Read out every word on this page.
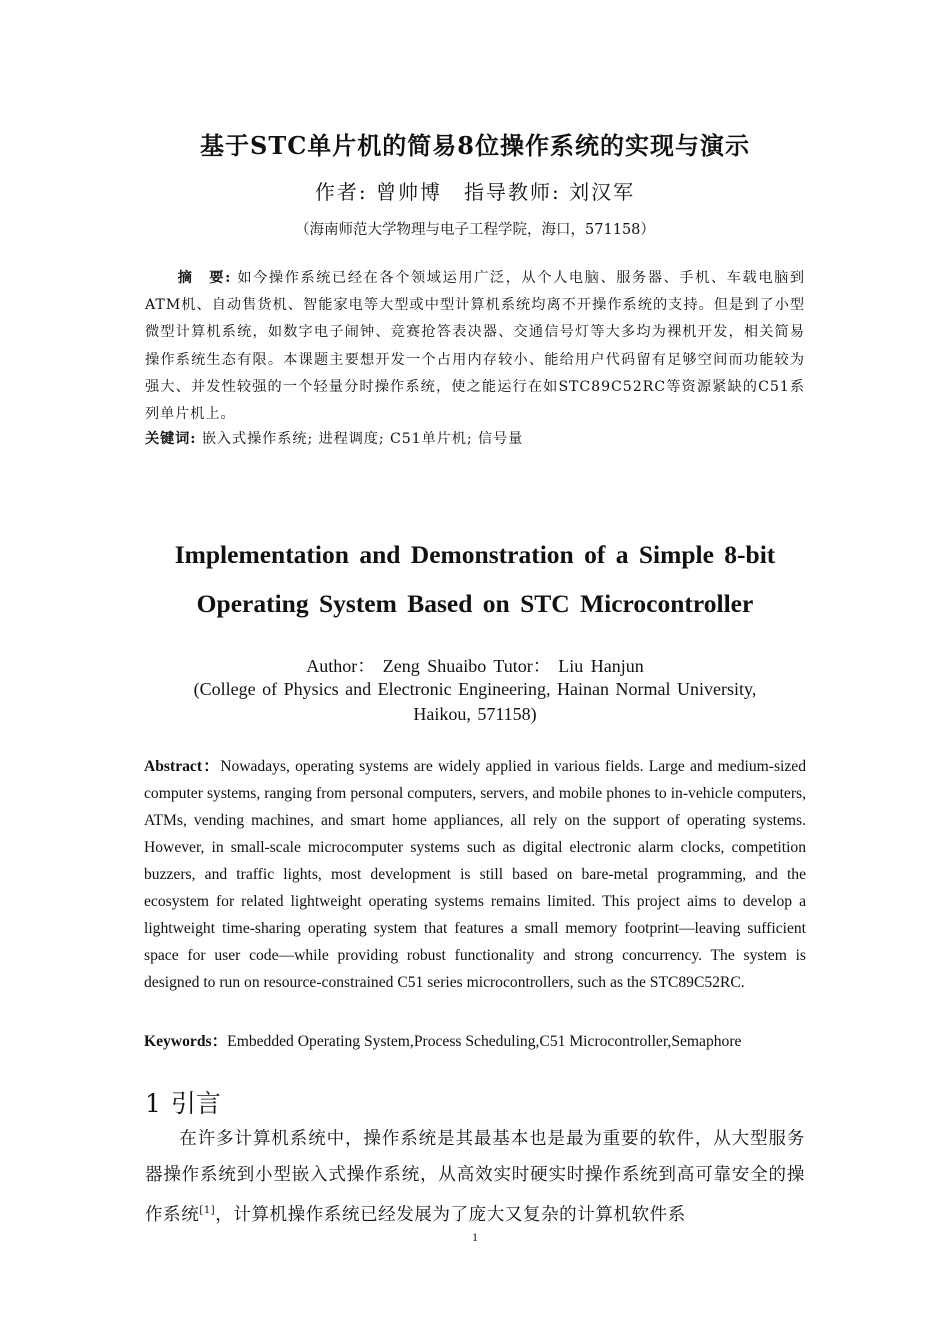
基于STC单片机的简易8位操作系统的实现与演示
作者: 曾帅博 指导教师: 刘汉军
（海南师范大学物理与电子工程学院，海口，571158）
摘　要: 如今操作系统已经在各个领域运用广泛，从个人电脑、服务器、手机、车载电脑到ATM机、自动售货机、智能家电等大型或中型计算机系统均离不开操作系统的支持。但是到了小型微型计算机系统，如数字电子闹钟、竞赛抢答表决器、交通信号灯等大多均为裸机开发，相关简易操作系统生态有限。本课题主要想开发一个占用内存较小、能给用户代码留有足够空间而功能较为强大、并发性较强的一个轻量分时操作系统，使之能运行在如STC89C52RC等资源紧缺的C51系列单片机上。
关键词: 嵌入式操作系统; 进程调度; C51单片机; 信号量
Implementation and Demonstration of a Simple 8-bit Operating System Based on STC Microcontroller
Author： Zeng Shuaibo Tutor： Liu Hanjun
(College of Physics and Electronic Engineering, Hainan Normal University, Haikou, 571158)
Abstract：Nowadays, operating systems are widely applied in various fields. Large and medium-sized computer systems, ranging from personal computers, servers, and mobile phones to in-vehicle computers, ATMs, vending machines, and smart home appliances, all rely on the support of operating systems. However, in small-scale microcomputer systems such as digital electronic alarm clocks, competition buzzers, and traffic lights, most development is still based on bare-metal programming, and the ecosystem for related lightweight operating systems remains limited. This project aims to develop a lightweight time-sharing operating system that features a small memory footprint—leaving sufficient space for user code—while providing robust functionality and strong concurrency. The system is designed to run on resource-constrained C51 series microcontrollers, such as the STC89C52RC.
Keywords：Embedded Operating System,Process Scheduling,C51 Microcontroller,Semaphore
1 引言
在许多计算机系统中，操作系统是其最基本也是最为重要的软件，从大型服务器操作系统到小型嵌入式操作系统，从高效实时硬实时操作系统到高可靠安全的操作系统[1]，计算机操作系统已经发展为了庞大又复杂的计算机软件系
1
